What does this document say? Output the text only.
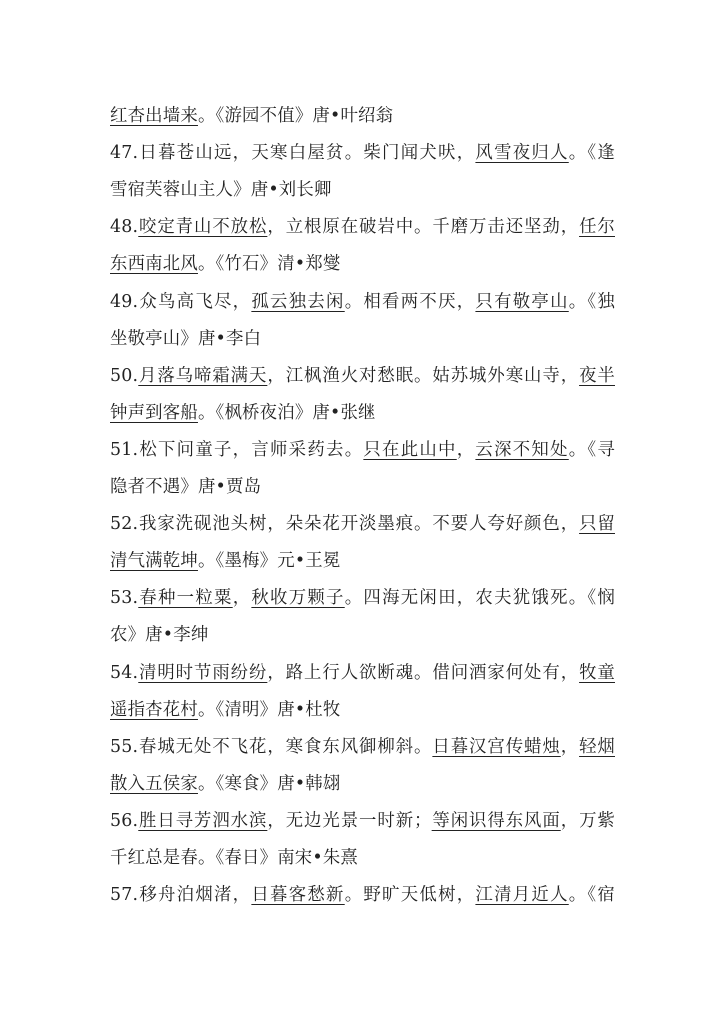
红杏出墙来。《游园不值》唐•叶绍翁
47.日暮苍山远，天寒白屋贫。柴门闻犬吠，风雪夜归人。《逢
雪宿芙蓉山主人》唐•刘长卿
48.咬定青山不放松，立根原在破岩中。千磨万击还坚劲，任尔
东西南北风。《竹石》清•郑燮
49.众鸟高飞尽，孤云独去闲。相看两不厌，只有敬亭山。《独
坐敬亭山》唐•李白
50.月落乌啼霜满天，江枫渔火对愁眠。姑苏城外寒山寺，夜半
钟声到客船。《枫桥夜泊》唐•张继
51.松下问童子，言师采药去。只在此山中，云深不知处。《寻
隐者不遇》唐•贾岛
52.我家洗砚池头树，朵朵花开淡墨痕。不要人夸好颜色，只留
清气满乾坤。《墨梅》元•王冕
53.春种一粒粟，秋收万颗子。四海无闲田，农夫犹饿死。《悯
农》唐•李绅
54.清明时节雨纷纷，路上行人欲断魂。借问酒家何处有，牧童
遥指杏花村。《清明》唐•杜牧
55.春城无处不飞花，寒食东风御柳斜。日暮汉宫传蜡烛，轻烟
散入五侯家。《寒食》唐•韩翃
56.胜日寻芳泗水滨，无边光景一时新；等闲识得东风面，万紫
千红总是春。《春日》南宋•朱熹
57.移舟泊烟渚，日暮客愁新。野旷天低树，江清月近人。《宿
